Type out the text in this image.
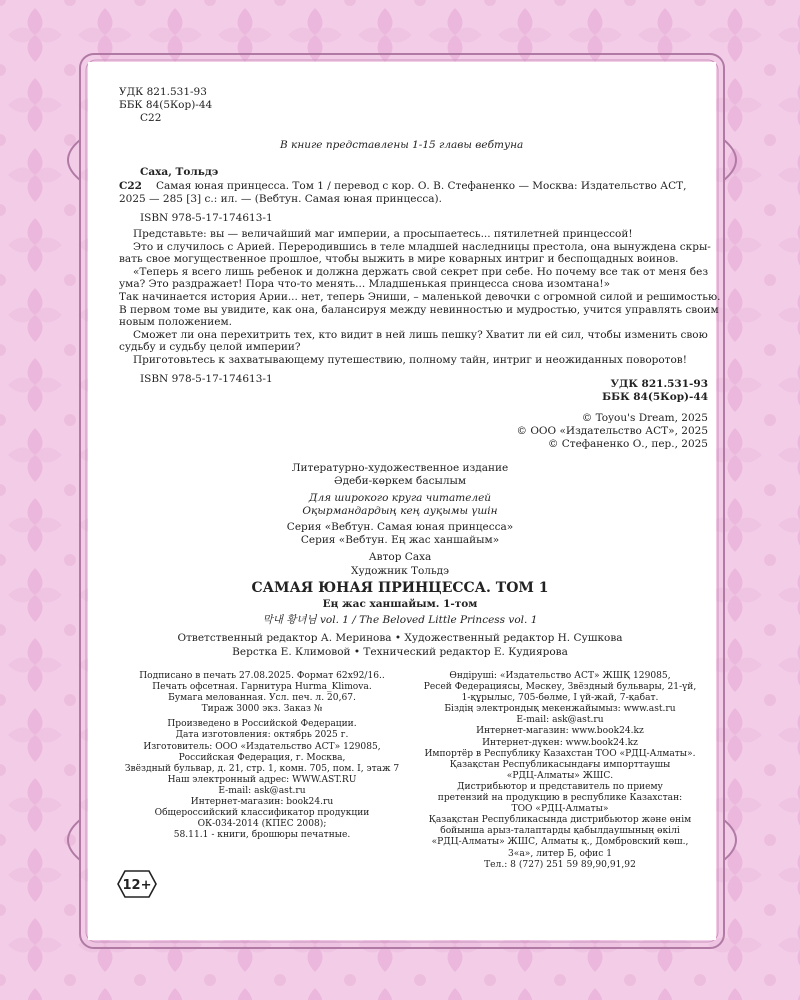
УДК 821.531-93
ББК 84(5Кор)-44
С22
В книге представлены 1-15 главы вебтуна
Саха, Тольдэ
С22 Самая юная принцесса. Том 1 / перевод с кор. О. В. Стефаненко — Москва: Издательство АСТ,
2025 — 285 [3] с.: ил. — (Вебтун. Самая юная принцесса).
ISBN 978-5-17-174613-1
Представьте: вы — величайший маг империи, а просыпаетесь... пятилетней принцессой!
Это и случилось с Арией. Переродившись в теле младшей наследницы престола, она вынуждена скры-
вать свое могущественное прошлое, чтобы выжить в мире коварных интриг и беспощадных воинов.
«Теперь я всего лишь ребенок и должна держать свой секрет при себе. Но почему все так от меня без
ума? Это раздражает! Пора что-то менять... Младшенькая принцесса снова изомтана!»
Так начинается история Арии... нет, теперь Эниши, – маленькой девочки с огромной силой и решимостью.
В первом томе вы увидите, как она, балансируя между невинностью и мудростью, учится управлять своим
новым положением.
Сможет ли она перехитрить тех, кто видит в ней лишь пешку? Хватит ли ей сил, чтобы изменить свою
судьбу и судьбу целой империи?
Приготовьтесь к захватывающему путешествию, полному тайн, интриг и неожиданных поворотов!
ISBN 978-5-17-174613-1	УДК 821.531-93
ББК 84(5Кор)-44
© Toyou's Dream, 2025
© ООО «Издательство АСТ», 2025
© Стефаненко О., пер., 2025
Литературно-художественное издание
Әдеби-көркем басылым
Для широкого круга читателей
Оқырмандардың кең ауқымы үшін
Серия «Вебтун. Самая юная принцесса»
Серия «Вебтун. Ең жас ханшайым»
Автор Саха
Художник Тольдэ
САМАЯ ЮНАЯ ПРИНЦЕССА. ТОМ 1
Ең жас ханшайым. 1-том
막내 황녀님 vol. 1 / The Beloved Little Princess vol. 1
Ответственный редактор А. Меринова • Художественный редактор Н. Сушкова
Верстка Е. Климовой • Технический редактор Е. Кудиярова
Подписано в печать 27.08.2025. Формат 62x92/16..
Печать офсетная. Гарнитура Hurma_Klimova.
Бумага мелованная. Усл. печ. л. 20,67.
Тираж 3000 экз. Заказ №
Произведено в Российской Федерации.
Дата изготовления: октябрь 2025 г.
Изготовитель: ООО «Издательство АСТ» 129085,
Российская Федерация, г. Москва,
Звёздный бульвар, д. 21, стр. 1, комн. 705, пом. I, этаж 7
Наш электронный адрес: WWW.AST.RU
E-mail: ask@ast.ru
Интернет-магазин: book24.ru
Общероссийский классификатор продукции
ОК-034-2014 (КПЕС 2008);
58.11.1 - книги, брошюры печатные.
Өндіруші: «Издательство АСТ» ЖШҚ 129085,
Ресей Федерациясы, Мәскеу, Звёздный бульвары, 21-үй,
1-құрылыс, 705-бөлме, I үй-жай, 7-қабат.
Біздің электрондық мекенжайымыз: www.ast.ru
E-mail: ask@ast.ru
Интернет-магазин: www.book24.kz
Интернет-дүкен: www.book24.kz
Импортёр в Республику Казахстан ТОО «РДЦ-Алматы».
Қазақстан Республикасындағы импорттаушы
«РДЦ-Алматы» ЖШС.
Дистрибьютор и представитель по приему
претензий на продукцию в республике Казахстан:
ТОО «РДЦ-Алматы»
Қазақстан Республикасында дистрибьютор және өнім
бойынша арыз-талаптарды қабылдаушының өкілі
«РДЦ-Алматы» ЖШС, Алматы қ., Домбровский көш.,
3«а», литер Б, офис 1
Тел.: 8 (727) 251 59 89,90,91,92
12+
